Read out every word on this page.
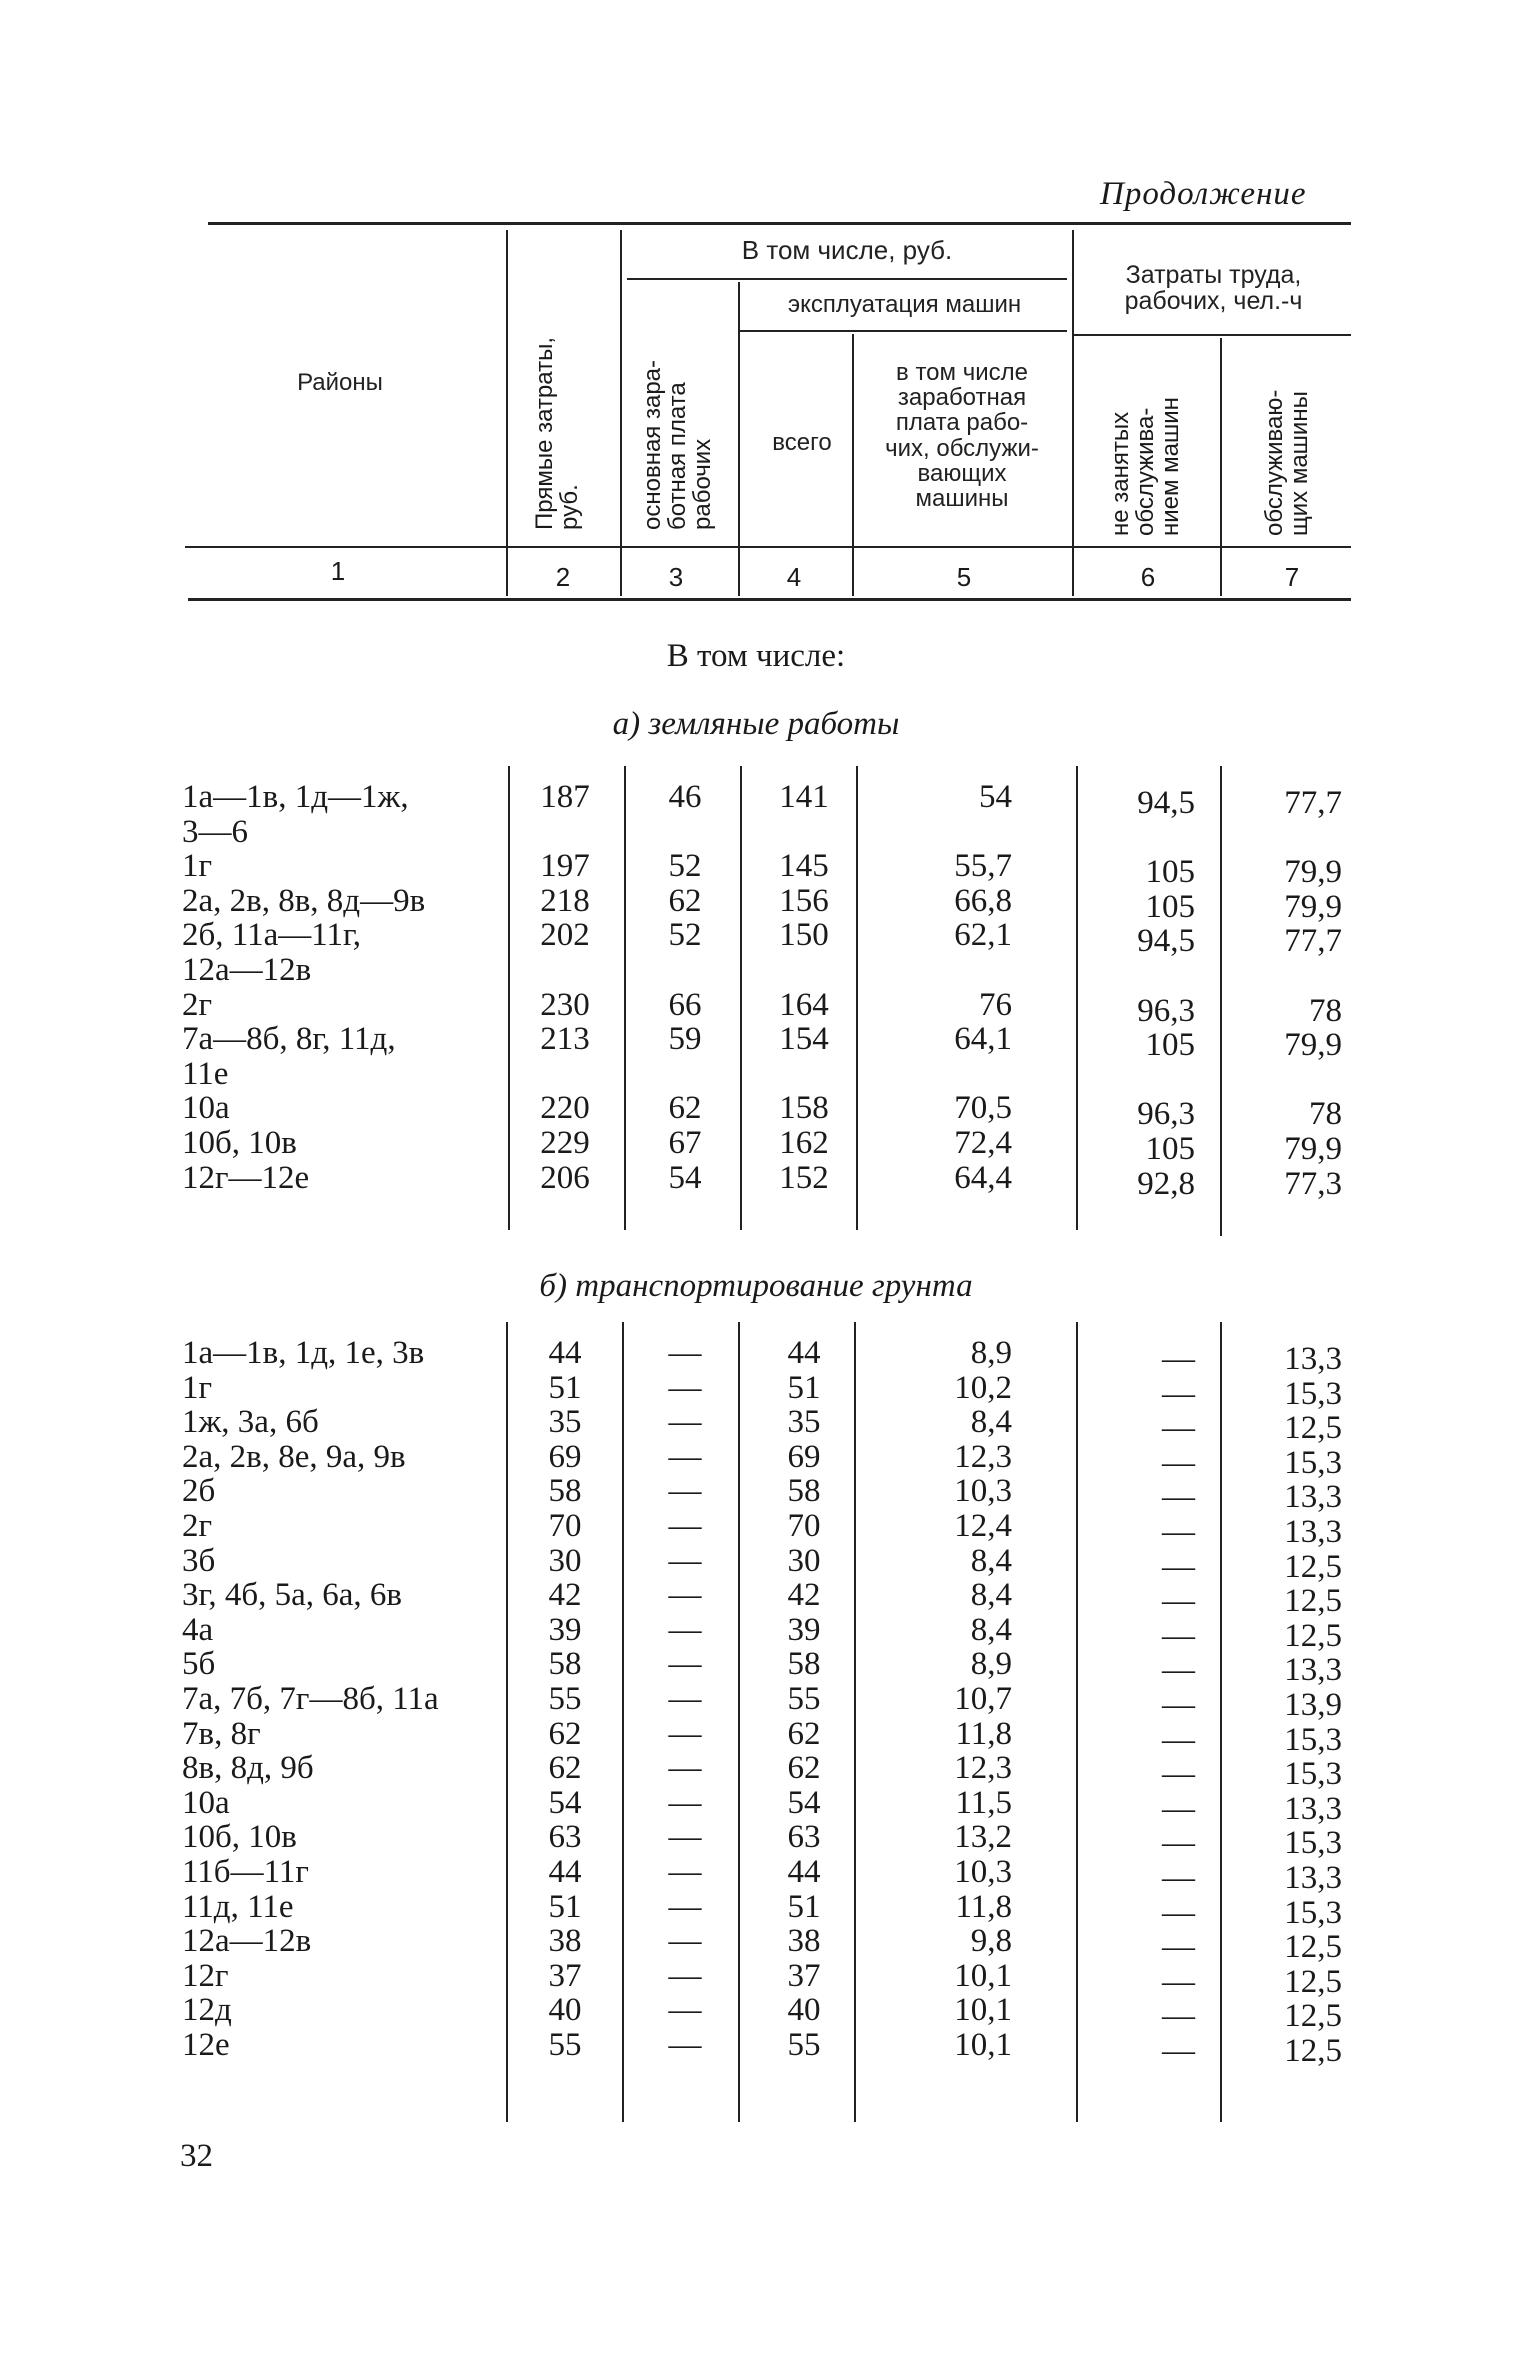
Продолжение
Районы	Прямые затраты,
руб.
В том числе, руб.
основная зара-
ботная плата
рабочих
эксплуатация машин
всего
в том числе
заработная
плата рабо-
чих, обслужи-
вающих
машины
Затраты труда,
рабочих, чел.-ч
не занятых
обслужива-
нием машин	обслуживаю-
щих машины
1	2	3	4	5	6	7
В том числе:
а) земляные работы
1а—1в, 1д—1ж,
3—6
187	46	141	54	94,5	77,7
1г	197	52	145	55,7	105	79,9
2а, 2в, 8в, 8д—9в	218	62	156	66,8	105	79,9
2б, 11а—11г,
12а—12в
202	52	150	62,1	94,5	77,7
2г	230	66	164	76	96,3	78
7а—8б, 8г, 11д,
11е
213	59	154	64,1	105	79,9
10а	220	62	158	70,5	96,3	78
10б, 10в	229	67	162	72,4	105	79,9
12г—12е	206	54	152	64,4	92,8	77,3
б) транспортирование грунта
1а—1в, 1д, 1е, 3в	44	—	44	8,9	—	13,3
1г	51	—	51	10,2	—	15,3
1ж, 3а, 6б	35	—	35	8,4	—	12,5
2а, 2в, 8е, 9а, 9в	69	—	69	12,3	—	15,3
2б	58	—	58	10,3	—	13,3
2г	70	—	70	12,4	—	13,3
3б	30	—	30	8,4	—	12,5
3г, 4б, 5а, 6а, 6в	42	—	42	8,4	—	12,5
4а	39	—	39	8,4	—	12,5
5б	58	—	58	8,9	—	13,3
7а, 7б, 7г—8б, 11а	55	—	55	10,7	—	13,9
7в, 8г	62	—	62	11,8	—	15,3
8в, 8д, 9б	62	—	62	12,3	—	15,3
10а	54	—	54	11,5	—	13,3
10б, 10в	63	—	63	13,2	—	15,3
11б—11г	44	—	44	10,3	—	13,3
11д, 11е	51	—	51	11,8	—	15,3
12а—12в	38	—	38	9,8	—	12,5
12г	37	—	37	10,1	—	12,5
12д	40	—	40	10,1	—	12,5
12е	55	—	55	10,1	—	12,5
32
